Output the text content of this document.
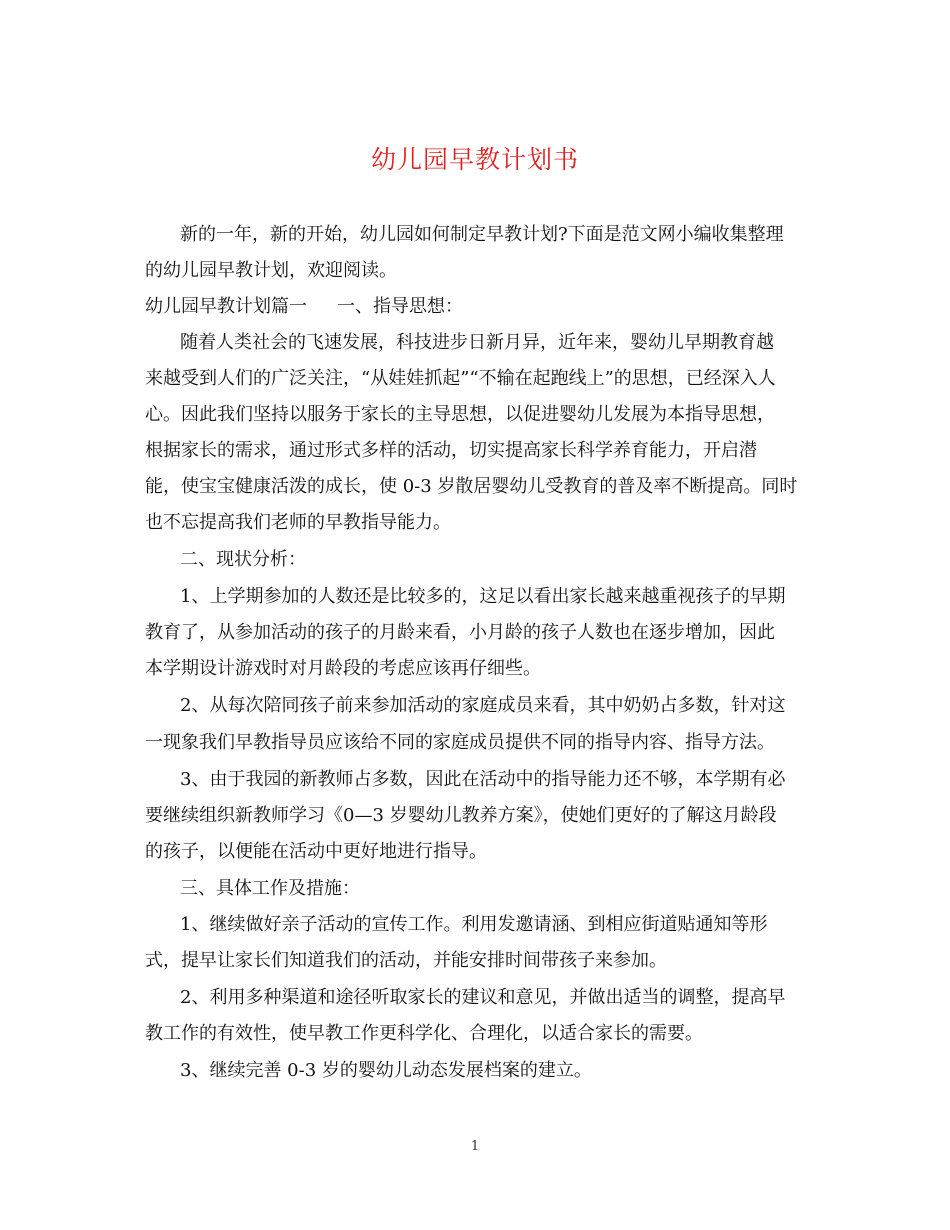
幼儿园早教计划书
新的一年，新的开始，幼儿园如何制定早教计划?下面是范文网小编收集整理
的幼儿园早教计划，欢迎阅读。
幼儿园早教计划篇一 一、指导思想：
随着人类社会的飞速发展，科技进步日新月异，近年来，婴幼儿早期教育越
来越受到人们的广泛关注，“从娃娃抓起”“不输在起跑线上”的思想，已经深入人
心。因此我们坚持以服务于家长的主导思想，以促进婴幼儿发展为本指导思想，
根据家长的需求，通过形式多样的活动，切实提高家长科学养育能力，开启潜
能，使宝宝健康活泼的成长，使 0-3 岁散居婴幼儿受教育的普及率不断提高。同时
也不忘提高我们老师的早教指导能力。
二、现状分析：
1、上学期参加的人数还是比较多的，这足以看出家长越来越重视孩子的早期
教育了，从参加活动的孩子的月龄来看，小月龄的孩子人数也在逐步增加，因此
本学期设计游戏时对月龄段的考虑应该再仔细些。
2、从每次陪同孩子前来参加活动的家庭成员来看，其中奶奶占多数，针对这
一现象我们早教指导员应该给不同的家庭成员提供不同的指导内容、指导方法。
3、由于我园的新教师占多数，因此在活动中的指导能力还不够，本学期有必
要继续组织新教师学习《0—3 岁婴幼儿教养方案》，使她们更好的了解这月龄段
的孩子，以便能在活动中更好地进行指导。
三、具体工作及措施：
1、继续做好亲子活动的宣传工作。利用发邀请涵、到相应街道贴通知等形
式，提早让家长们知道我们的活动，并能安排时间带孩子来参加。
2、利用多种渠道和途径听取家长的建议和意见，并做出适当的调整，提高早
教工作的有效性，使早教工作更科学化、合理化，以适合家长的需要。
3、继续完善 0-3 岁的婴幼儿动态发展档案的建立。
1
